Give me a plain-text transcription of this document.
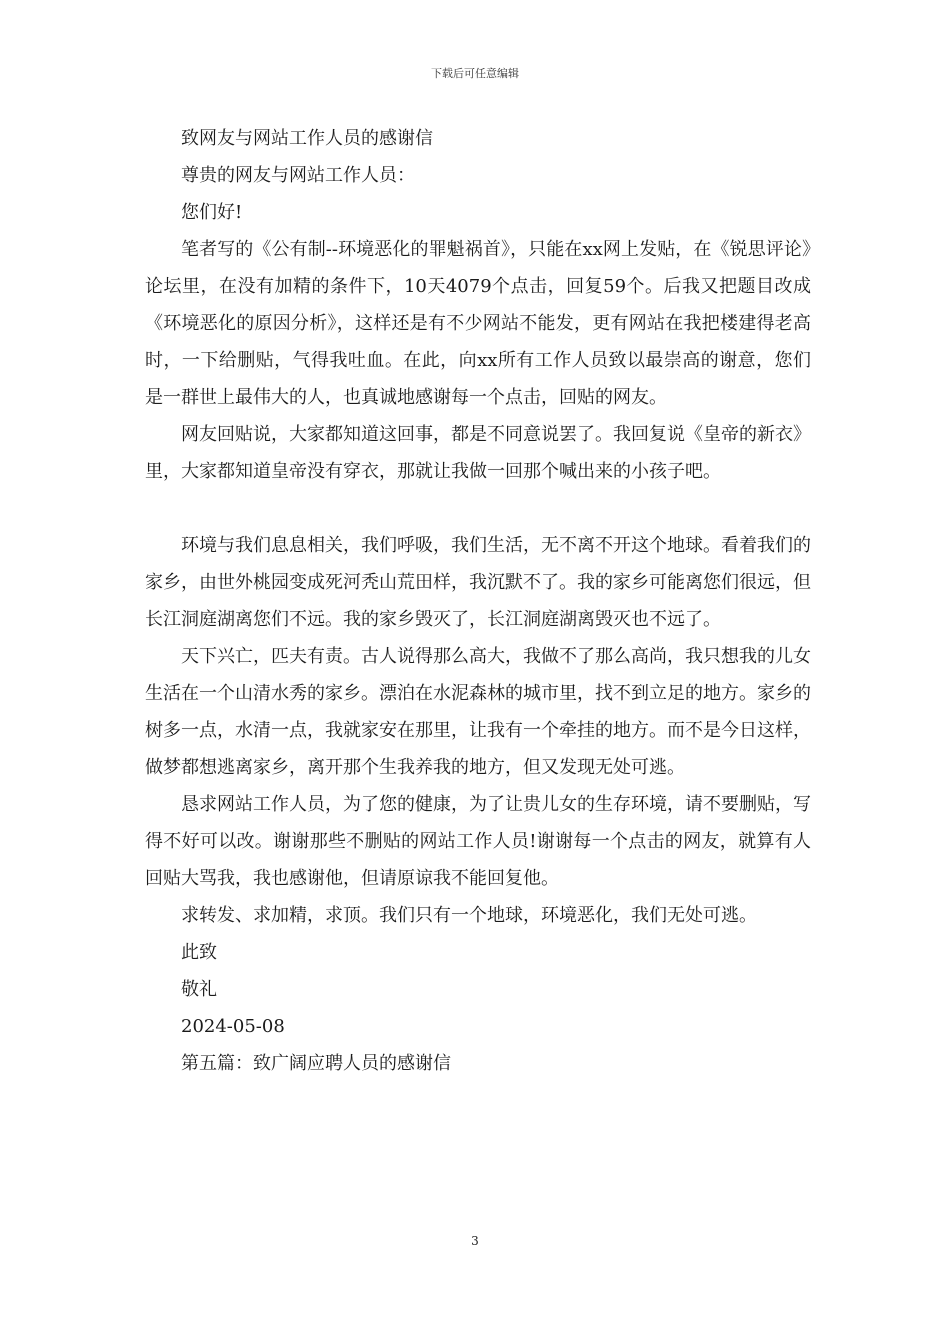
下载后可任意编辑

致网友与网站工作人员的感谢信

尊贵的网友与网站工作人员：

您们好!

笔者写的《公有制--环境恶化的罪魁祸首》，只能在xx网上发贴，在《锐思评论》论坛里，在没有加精的条件下，10天4079个点击，回复59个。后我又把题目改成《环境恶化的原因分析》，这样还是有不少网站不能发，更有网站在我把楼建得老高时，一下给删贴，气得我吐血。在此，向xx所有工作人员致以最崇高的谢意，您们是一群世上最伟大的人，也真诚地感谢每一个点击，回贴的网友。

网友回贴说，大家都知道这回事，都是不同意说罢了。我回复说《皇帝的新衣》里，大家都知道皇帝没有穿衣，那就让我做一回那个喊出来的小孩子吧。

环境与我们息息相关，我们呼吸，我们生活，无不离不开这个地球。看着我们的家乡，由世外桃园变成死河秃山荒田样，我沉默不了。我的家乡可能离您们很远，但长江洞庭湖离您们不远。我的家乡毁灭了，长江洞庭湖离毁灭也不远了。

天下兴亡，匹夫有责。古人说得那么高大，我做不了那么高尚，我只想我的儿女生活在一个山清水秀的家乡。漂泊在水泥森林的城市里，找不到立足的地方。家乡的树多一点，水清一点，我就家安在那里，让我有一个牵挂的地方。而不是今日这样，做梦都想逃离家乡，离开那个生我养我的地方，但又发现无处可逃。

恳求网站工作人员，为了您的健康，为了让贵儿女的生存环境，请不要删贴，写得不好可以改。谢谢那些不删贴的网站工作人员!谢谢每一个点击的网友，就算有人回贴大骂我，我也感谢他，但请原谅我不能回复他。

求转发、求加精，求顶。我们只有一个地球，环境恶化，我们无处可逃。

此致

敬礼

2024-05-08

第五篇：致广阔应聘人员的感谢信

3
